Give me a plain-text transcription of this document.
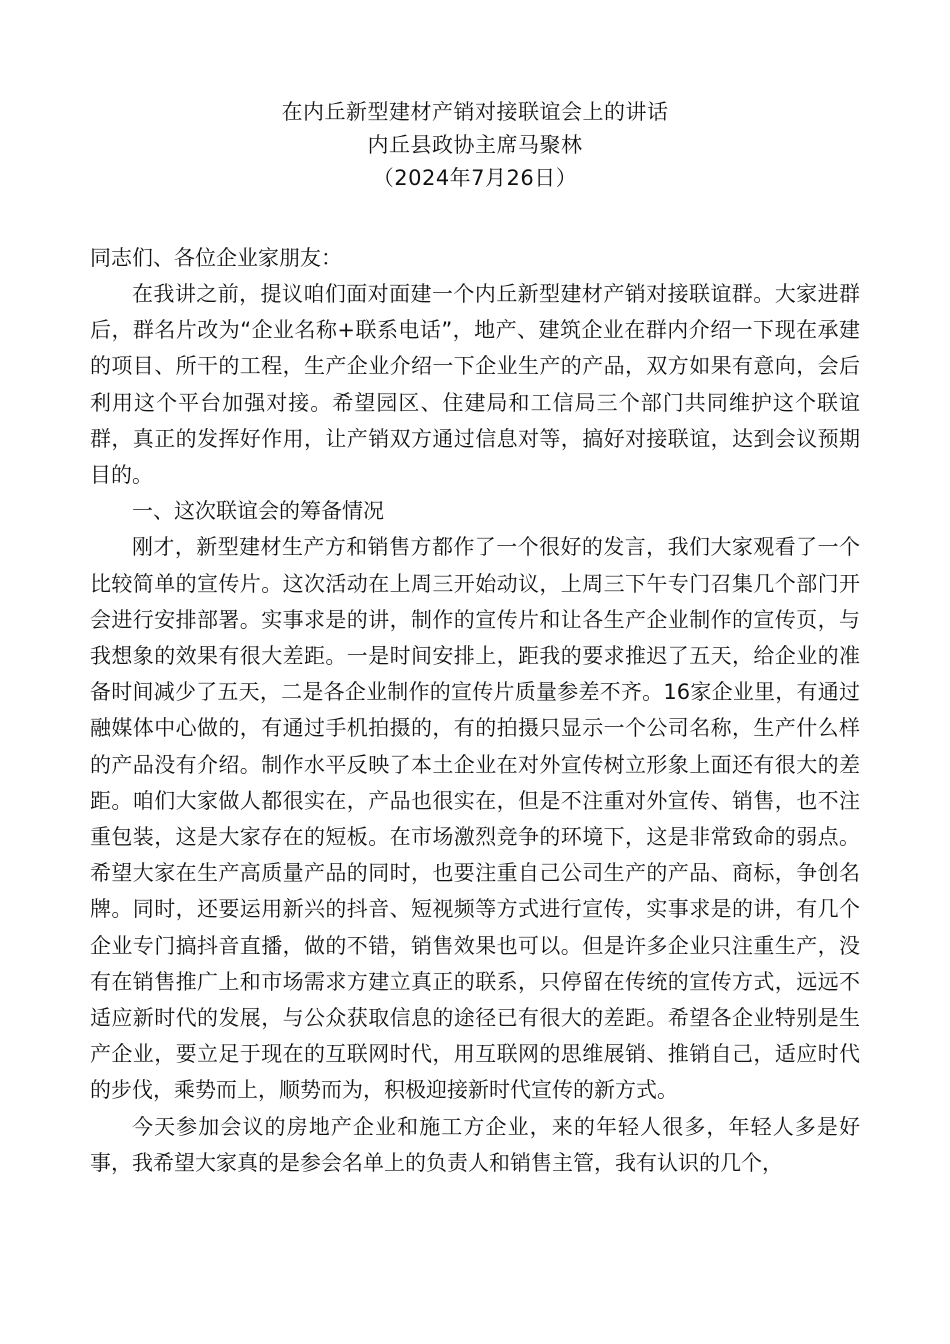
在内丘新型建材产销对接联谊会上的讲话
内丘县政协主席马聚林
（2024年7月26日）
同志们、各位企业家朋友：

在我讲之前，提议咱们面对面建一个内丘新型建材产销对接联谊群。大家进群后，群名片改为“企业名称+联系电话”，地产、建筑企业在群内介绍一下现在承建的项目、所干的工程，生产企业介绍一下企业生产的产品，双方如果有意向，会后利用这个平台加强对接。希望园区、住建局和工信局三个部门共同维护这个联谊群，真正的发挥好作用，让产销双方通过信息对等，搞好对接联谊，达到会议预期目的。

一、这次联谊会的筹备情况

刚才，新型建材生产方和销售方都作了一个很好的发言，我们大家观看了一个比较简单的宣传片。这次活动在上周三开始动议，上周三下午专门召集几个部门开会进行安排部署。实事求是的讲，制作的宣传片和让各生产企业制作的宣传页，与我想象的效果有很大差距。一是时间安排上，距我的要求推迟了五天，给企业的准备时间减少了五天，二是各企业制作的宣传片质量参差不齐。16家企业里，有通过融媒体中心做的，有通过手机拍摄的，有的拍摄只显示一个公司名称，生产什么样的产品没有介绍。制作水平反映了本土企业在对外宣传树立形象上面还有很大的差距。咱们大家做人都很实在，产品也很实在，但是不注重对外宣传、销售，也不注重包装，这是大家存在的短板。在市场激烈竞争的环境下，这是非常致命的弱点。希望大家在生产高质量产品的同时，也要注重自己公司生产的产品、商标，争创名牌。同时，还要运用新兴的抖音、短视频等方式进行宣传，实事求是的讲，有几个企业专门搞抖音直播，做的不错，销售效果也可以。但是许多企业只注重生产，没有在销售推广上和市场需求方建立真正的联系，只停留在传统的宣传方式，远远不适应新时代的发展，与公众获取信息的途径已有很大的差距。希望各企业特别是生产企业，要立足于现在的互联网时代，用互联网的思维展销、推销自己，适应时代的步伐，乘势而上，顺势而为，积极迎接新时代宣传的新方式。

今天参加会议的房地产企业和施工方企业，来的年轻人很多，年轻人多是好事，我希望大家真的是参会名单上的负责人和销售主管，我有认识的几个，
